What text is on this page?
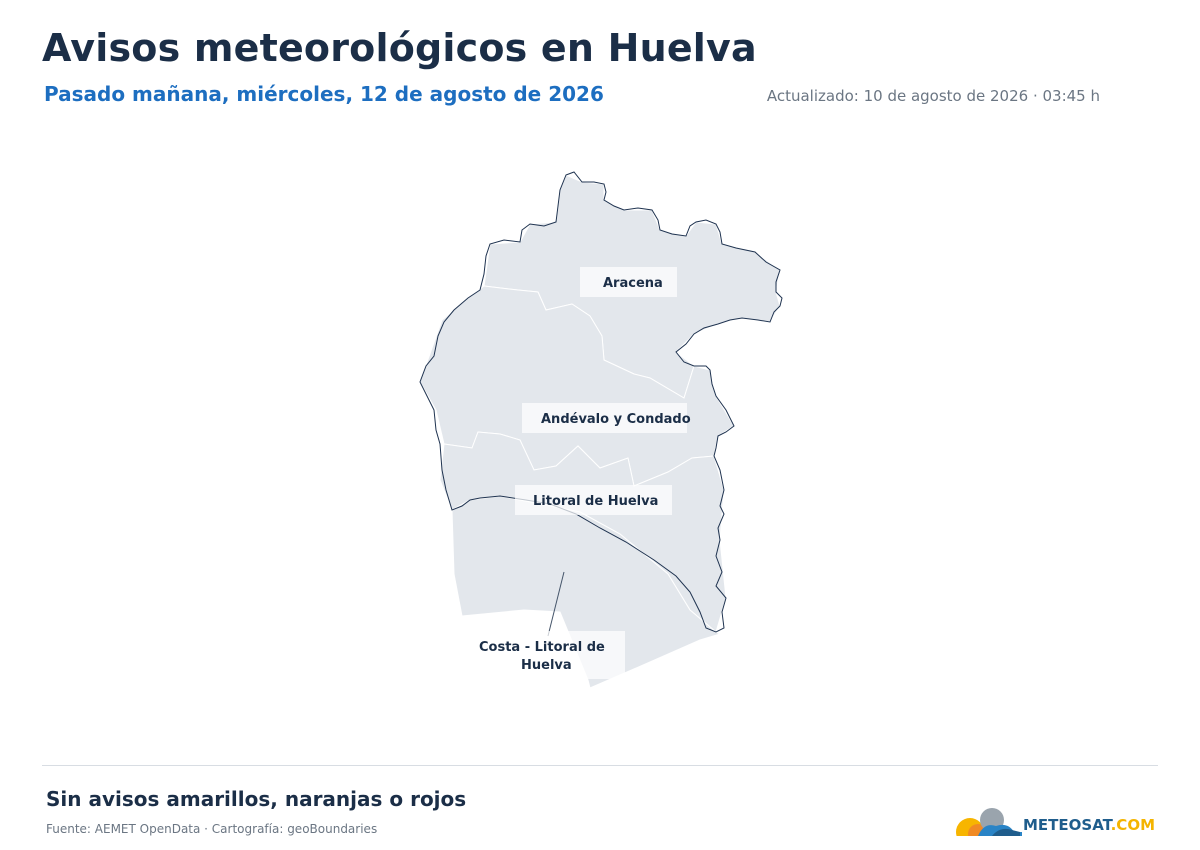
Avisos meteorológicos en Huelva
Pasado mañana, miércoles, 12 de agosto de 2026	Actualizado: 10 de agosto de 2026 · 03:45 h
Aracena
Andévalo y Condado
Litoral de Huelva
Costa - Litoral de
Huelva
Sin avisos amarillos, naranjas o rojos
Fuente: AEMET OpenData · Cartografía: geoBoundaries	METEOSAT.COM
